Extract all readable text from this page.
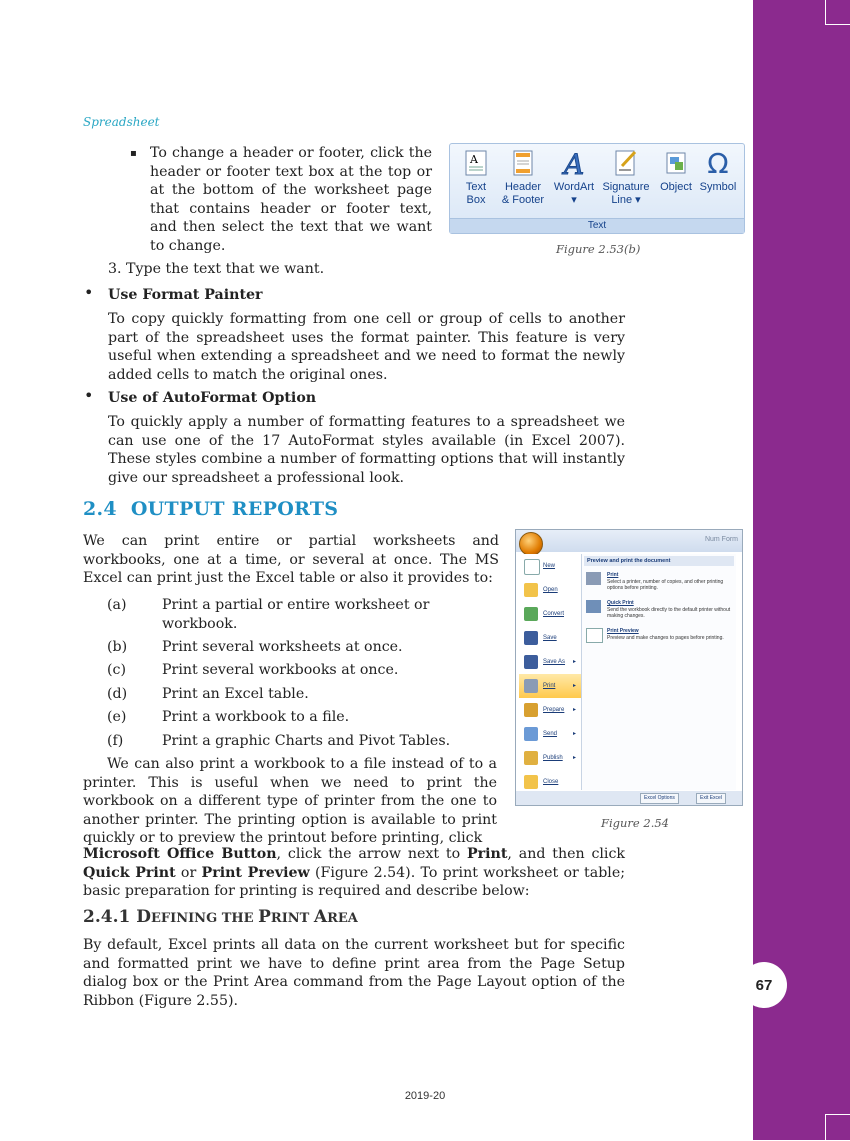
67
Spreadsheet
▪ To change a header or footer, click the header or footer text box at the top or at the bottom of the worksheet page that contains header or footer text, and then select the text that we want to change.

A
Text
Box
Header
& Footer
A
WordArt
▾
Signature
Line ▾
Object
Ω
Symbol
Text
Figure 2.53(b)

3. Type the text that we want.

• Use Format Painter

To copy quickly formatting from one cell or group of cells to another part of the spreadsheet uses the format painter. This feature is very useful when extending a spreadsheet and we need to format the newly added cells to match the original ones.

• Use of AutoFormat Option

To quickly apply a number of formatting features to a spreadsheet we can use one of the 17 AutoFormat styles available (in Excel 2007). These styles combine a number of formatting options that will instantly give our spreadsheet a professional look.

2.4 OUTPUT REPORTS

We can print entire or partial worksheets and workbooks, one at a time, or several at once. The MS Excel can print just the Excel table or also it provides to:

(a) Print a partial or entire worksheet or
workbook.
(b) Print several worksheets at once.
(c)	Print several workbooks at once.
(d) Print an Excel table.
(e)	Print a workbook to a file.
(f)	Print a graphic Charts and Pivot Tables.

We can also print a workbook to a file instead of to a printer. This is useful when we need to print the workbook on a different type of printer from the one to another printer. The printing option is available to print quickly or to preview the printout before printing, click

Microsoft Office Button, click the arrow next to Print, and then click Quick Print or Print Preview (Figure 2.54). To print worksheet or table; basic preparation for printing is required and describe below:

Num Form
New
Open
Convert
Save
Save As ▸
Print	▸
Prepare ▸
Send	▸
Publish ▸
Close
Preview and print the document
Print
Select a printer, number of copies, and other printing options before printing.
Quick Print
Send the workbook directly to the default printer without making changes.
Print Preview
Preview and make changes to pages before printing.
Excel Options	Exit Excel
Figure 2.54
2.4.1 DEFINING THE PRINT AREA

By default, Excel prints all data on the current worksheet but for specific and formatted print we have to define print area from the Page Setup dialog box or the Print Area command from the Page Layout option of the Ribbon (Figure 2.55).

2019-20
